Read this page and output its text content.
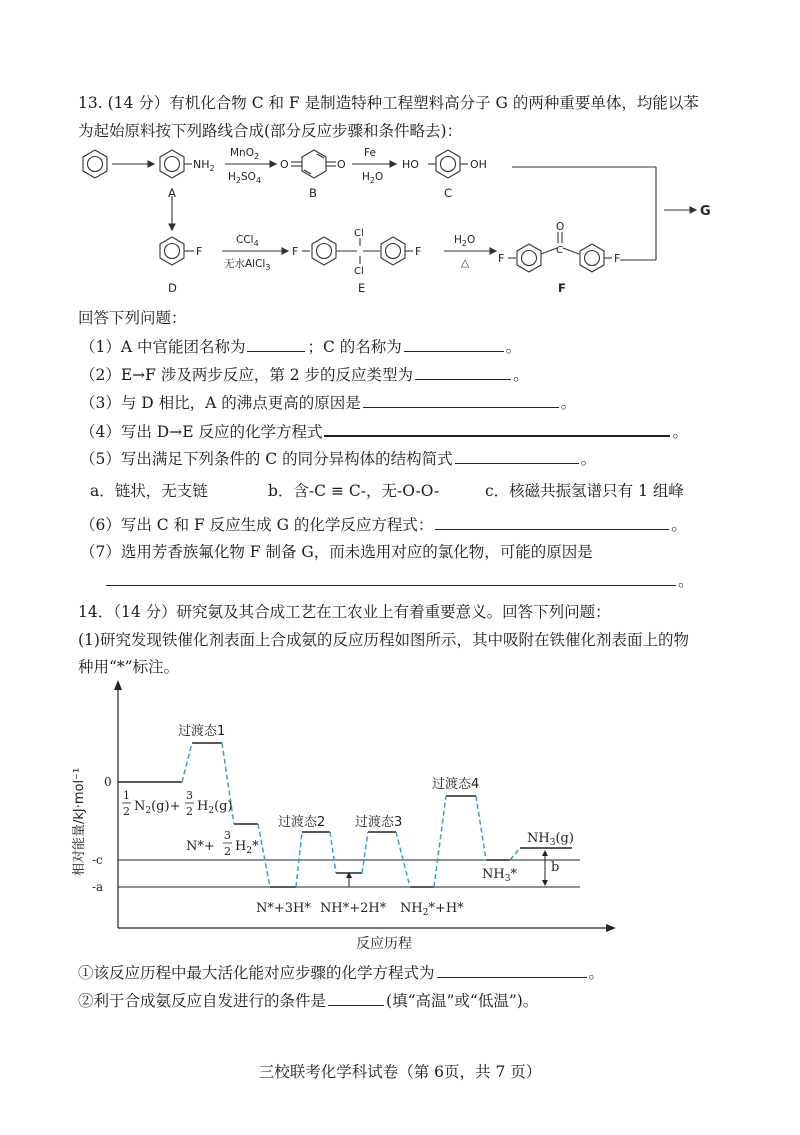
13. (14 分）有机化合物 C 和 F 是制造特种工程塑料高分子 G 的两种重要单体，均能以苯
为起始原料按下列路线合成(部分反应步骤和条件略去)：
$NH_2$
MnO$_2$
$H_2SO_4$
O	O
Fe
$H_2O$
HO	OH
A	B	C
G
F
CCl$_4$
无水AlCl$_3$
F
Cl
Cl
F
$H_2O$
△	F
O
C
F
D	E	F
回答下列问题：
（1）A 中官能团名称为	；C 的名称为	。
（2）E→F 涉及两步反应，第 2 步的反应类型为	。
（3）与 D 相比，A 的沸点更高的原因是	。
（4）写出 D→E 反应的化学方程式	。
（5）写出满足下列条件的 C 的同分异构体的结构简式	。
a．链状，无支链	b．含-C ≡ C-，无-O-O-	c．核磁共振氢谱只有 1 组峰
（6）写出 C 和 F 反应生成 G 的化学反应方程式：	。
（7）选用芳香族氟化物 F 制备 G，而未选用对应的氯化物，可能的原因是
。
14．（14 分）研究氨及其合成工艺在工农业上有着重要意义。回答下列问题：
(1)研究发现铁催化剂表面上合成氨的反应历程如图所示，其中吸附在铁催化剂表面上的物
种用“*”标注。
0
-c
-a
相对能量/kJ·mol⁻¹
反应历程
b
过渡态1
过渡态2 过渡态3
过渡态4
1
2 $N_2(g)+$
3
2 $H_2(g)$
N*+
3
2 $H_2*$
N*+3H* NH*+2H* $NH_2*+H*$
$NH_3*$
$NH_3(g)$
①该反应历程中最大活化能对应步骤的化学方程式为	。
②利于合成氨反应自发进行的条件是	(填“高温”或“低温”)。
三校联考化学科试卷（第 6页，共 7 页）
